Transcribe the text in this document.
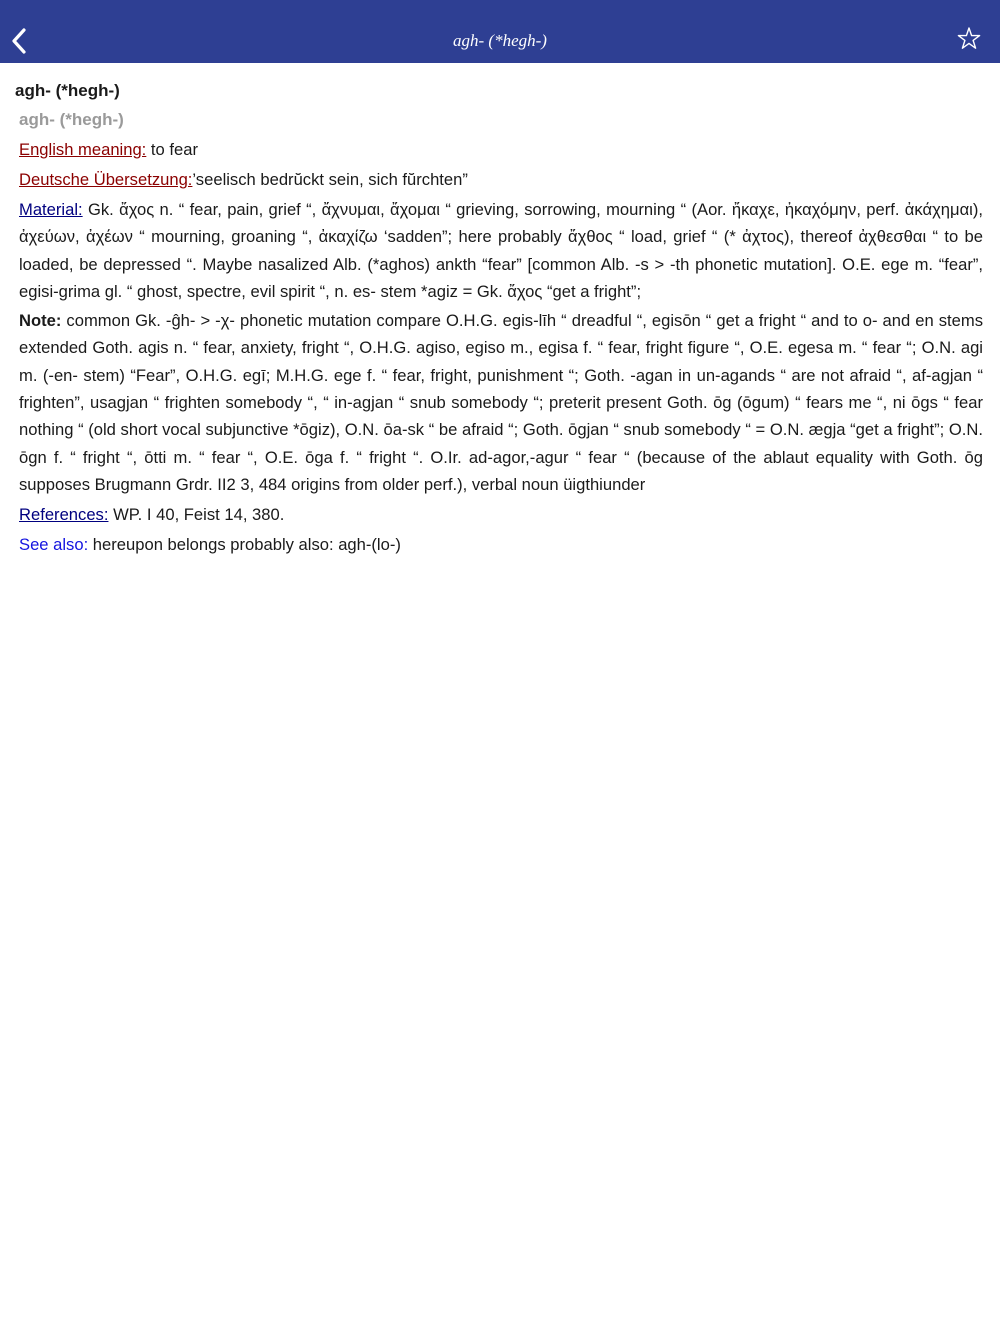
agh- (*hegh-)
agh- (*hegh-)
agh- (*hegh-)
English meaning: to fear
Deutsche Übersetzung:’seelisch bedrŭckt sein, sich fŭrchten”

Material: Gk. ἄχος n. “ fear, pain, grief “, ἄχνυμαι, ἄχομαι “ grieving, sorrowing, mourning “ (Aor. ἤκαχε, ἠκαχόμην, perf. ἀκάχημαι), ἀχεύων, ἀχέων “ mourning, groaning “, ἀκαχίζω ‘sadden”; here probably ἄχθος “ load, grief “ (* ἀχτος), thereof ἀχθεσθαι “ to be loaded, be depressed “. Maybe nasalized Alb. (*aghos) ankth “fear” [common Alb. -s > -th phonetic mutation]. O.E. ege m. “fear”, egisi-grima gl. “ ghost, spectre, evil spirit “, n. es- stem *agiz = Gk. ἄχος “get a fright”;

Note: common Gk. -ĝh- > -χ- phonetic mutation compare O.H.G. egis-līh “ dreadful “, egisōn “ get a fright “ and to o- and en stems extended Goth. agis n. “ fear, anxiety, fright “, O.H.G. agiso, egiso m., egisa f. “ fear, fright figure “, O.E. egesa m. “ fear “; O.N. agi m. (-en- stem) “Fear”, O.H.G. egī; M.H.G. ege f. “ fear, fright, punishment “; Goth. -agan in un-agands “ are not afraid “, af-agjan “ frighten”, usagjan “ frighten somebody “, “ in-agjan “ snub somebody “; preterit present Goth. ōg (ōgum) “ fears me “, ni ōgs “ fear nothing “ (old short vocal subjunctive *ōgiz), O.N. ōa-sk “ be afraid “; Goth. ōgjan “ snub somebody “ = O.N. ægja “get a fright”; O.N. ōgn f. “ fright “, ōtti m. “ fear “, O.E. ōga f. “ fright “. O.Ir. ad-agor,-agur “ fear “ (because of the ablaut equality with Goth. ōg supposes Brugmann Grdr. II2 3, 484 origins from older perf.), verbal noun üigthiunder

References: WP. I 40, Feist 14, 380.
See also: hereupon belongs probably also: agh-(lo-)
